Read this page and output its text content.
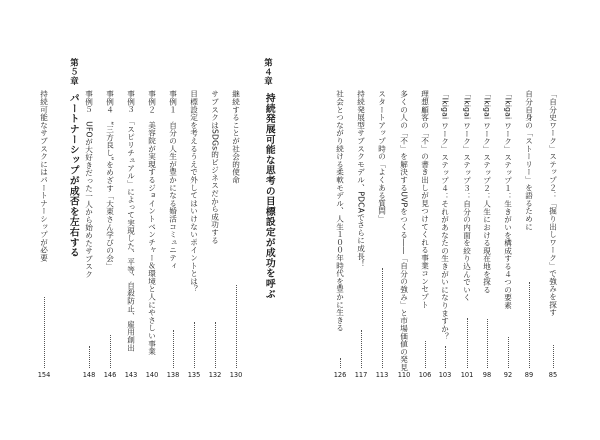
「自分史ワーク」ステップ２：「掘り出しワーク」で強みを探す
自分自身の「ストーリー」を語るために
「Ikigai ワーク」ステップ１：生きがいを構成する４つの要素
「Ikigai ワーク」ステップ２：人生における現在地を探る
「Ikigai ワーク」ステップ３：自分の内面を絞り込んでいく
「Ikigai ワーク」ステップ４：それがあなたの生きがいになりますか？
理想顧客の「不」の書き出しが見つけてくれる事業コンセプト
多くの人の「不」を解決するUVPをつくる――「自分の強み」と市場価値の発見
スタートアップ時の「よくある質問」
持続発展型サブスクモデル、PDCAでさらに成長！
社会とつながり続ける柔軟モデル、人生１００年時代を豊かに生きる
85
89
92
98
101
103
106
110
113
117
126
第４章
持続発展可能な思考の目標設定が成功を呼ぶ
継続することが社会的使命
サブスクはSDGs的ビジネスだから成功する
目標設定を考えるうえで外してはいけないポイントとは？
事例１　自分の人生が豊かになる婚活コミュニティ
事例２　美容院が実現するジョイントベンチャー＆環境と人にやさしい事業
事例３　「スピリチュアル」によって実現した、平等、自殺防止、雇用創出
事例４　“三方良し”をめざす「大東さん学びの会」
事例５　UFOが大好きだった一人から始めたサブスク
130
132
135
138
140
143
146
148
第５章
パートナーシップが成否を左右する
持続可能なサブスクにはパートナーシップが必要
154
